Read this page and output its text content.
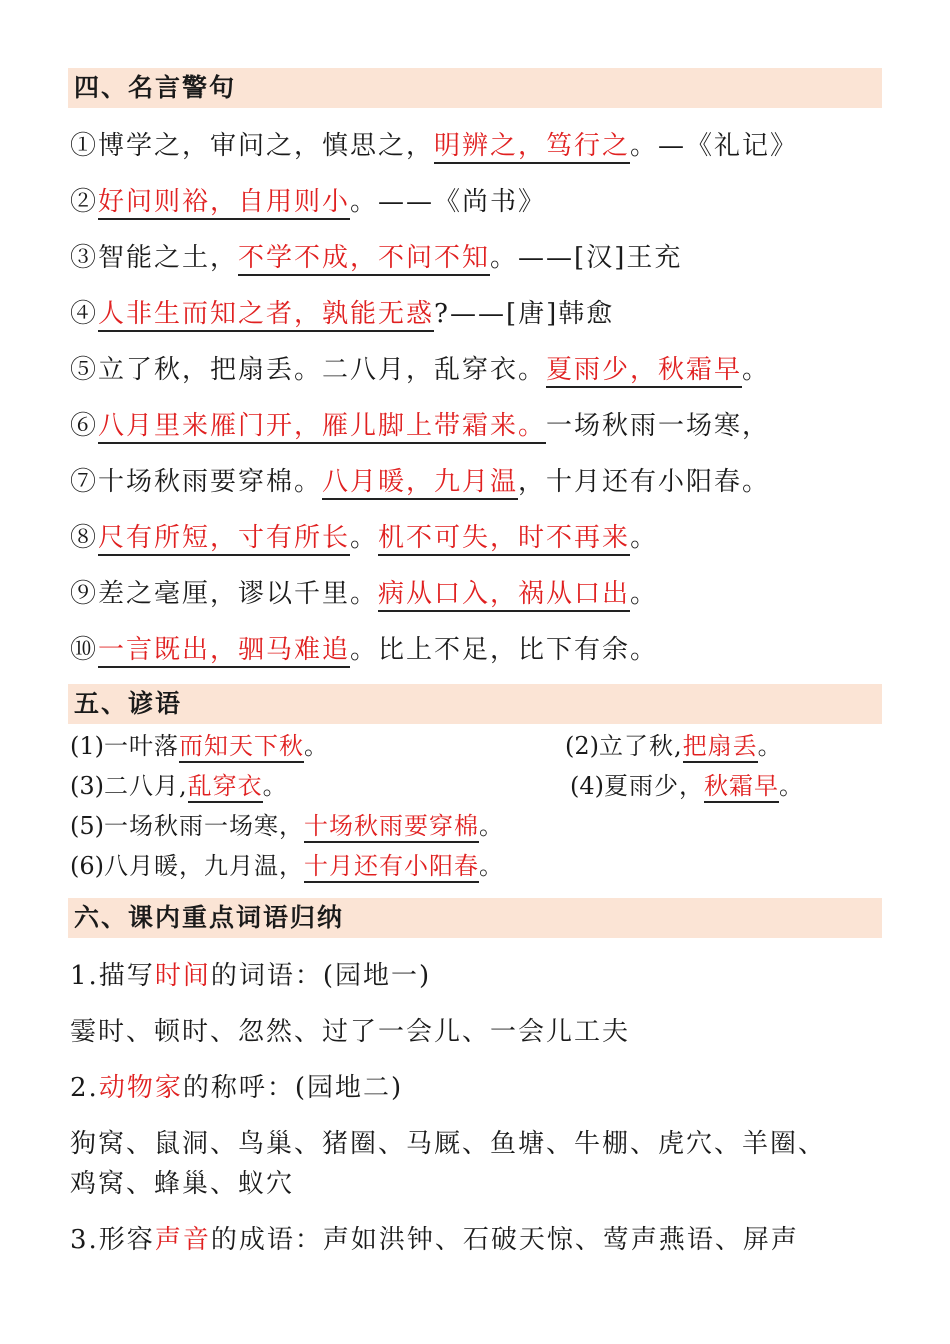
四、名言警句
①博学之，审问之，慎思之，明辨之，笃行之。—《礼记》
②好问则裕，自用则小。——《尚书》
③智能之土，不学不成，不问不知。——[汉]王充
④人非生而知之者，孰能无惑?——[唐]韩愈
⑤立了秋，把扇丢。二八月，乱穿衣。夏雨少，秋霜早。
⑥八月里来雁门开，雁儿脚上带霜来。一场秋雨一场寒，
⑦十场秋雨要穿棉。八月暖，九月温，十月还有小阳春。
⑧尺有所短，寸有所长。机不可失，时不再来。
⑨差之毫厘，谬以千里。病从口入，祸从口出。
⑩一言既出，驷马难追。比上不足，比下有余。
五、谚语
(1)一叶落而知天下秋。	(2)立了秋,把扇丢。
(3)二八月,乱穿衣。	(4)夏雨少，秋霜早。
(5)一场秋雨一场寒，十场秋雨要穿棉。
(6)八月暖，九月温，十月还有小阳春。
六、课内重点词语归纳
1.描写时间的词语：(园地一)
霎时、顿时、忽然、过了一会儿、一会儿工夫
2.动物家的称呼：(园地二)
狗窝、鼠洞、鸟巢、猪圈、马厩、鱼塘、牛棚、虎穴、羊圈、
鸡窝、蜂巢、蚁穴
3.形容声音的成语：声如洪钟、石破天惊、莺声燕语、屏声
